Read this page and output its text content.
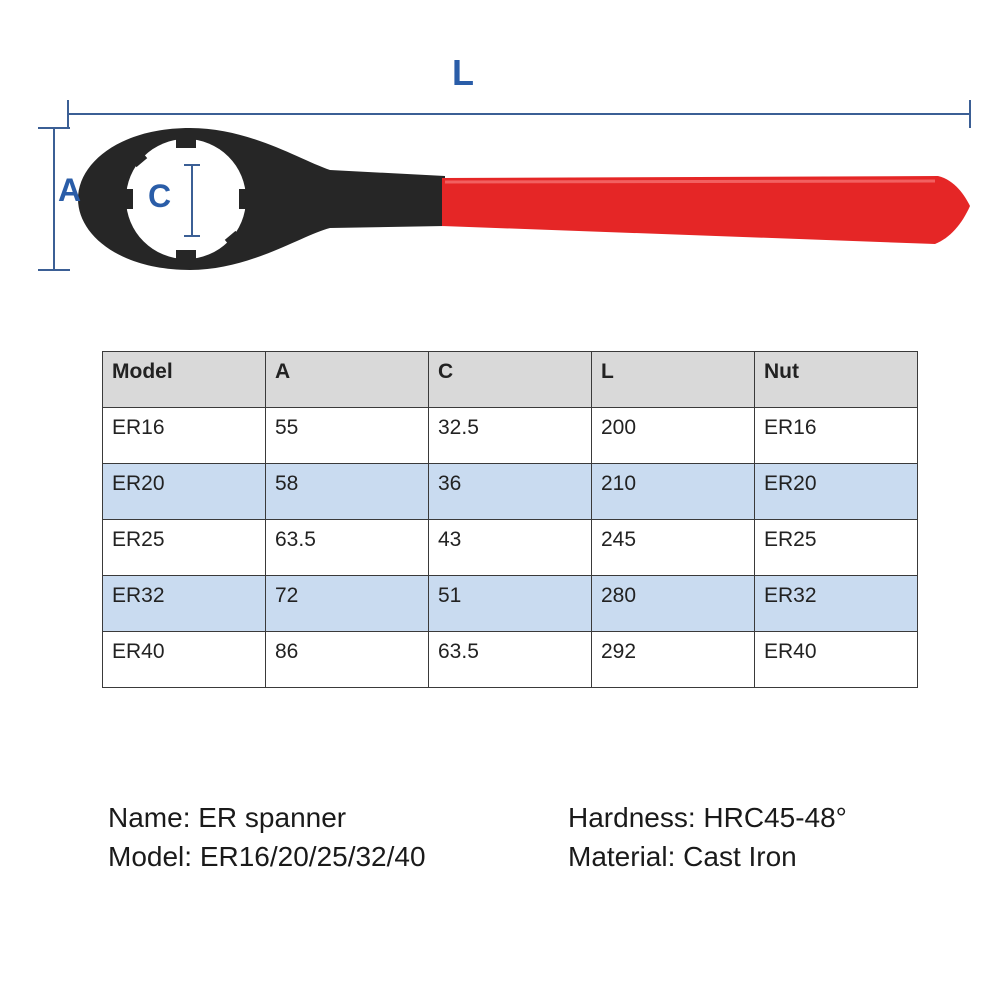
L
A C
Model	A	C	L	Nut
ER16	55	32.5	200	ER16
ER20	58	36	210	ER20
ER25	63.5	43	245	ER25
ER32	72	51	280	ER32
ER40	86	63.5	292	ER40
Name: ER spanner
Model: ER16/20/25/32/40
Hardness: HRC45-48°
Material: Cast Iron
